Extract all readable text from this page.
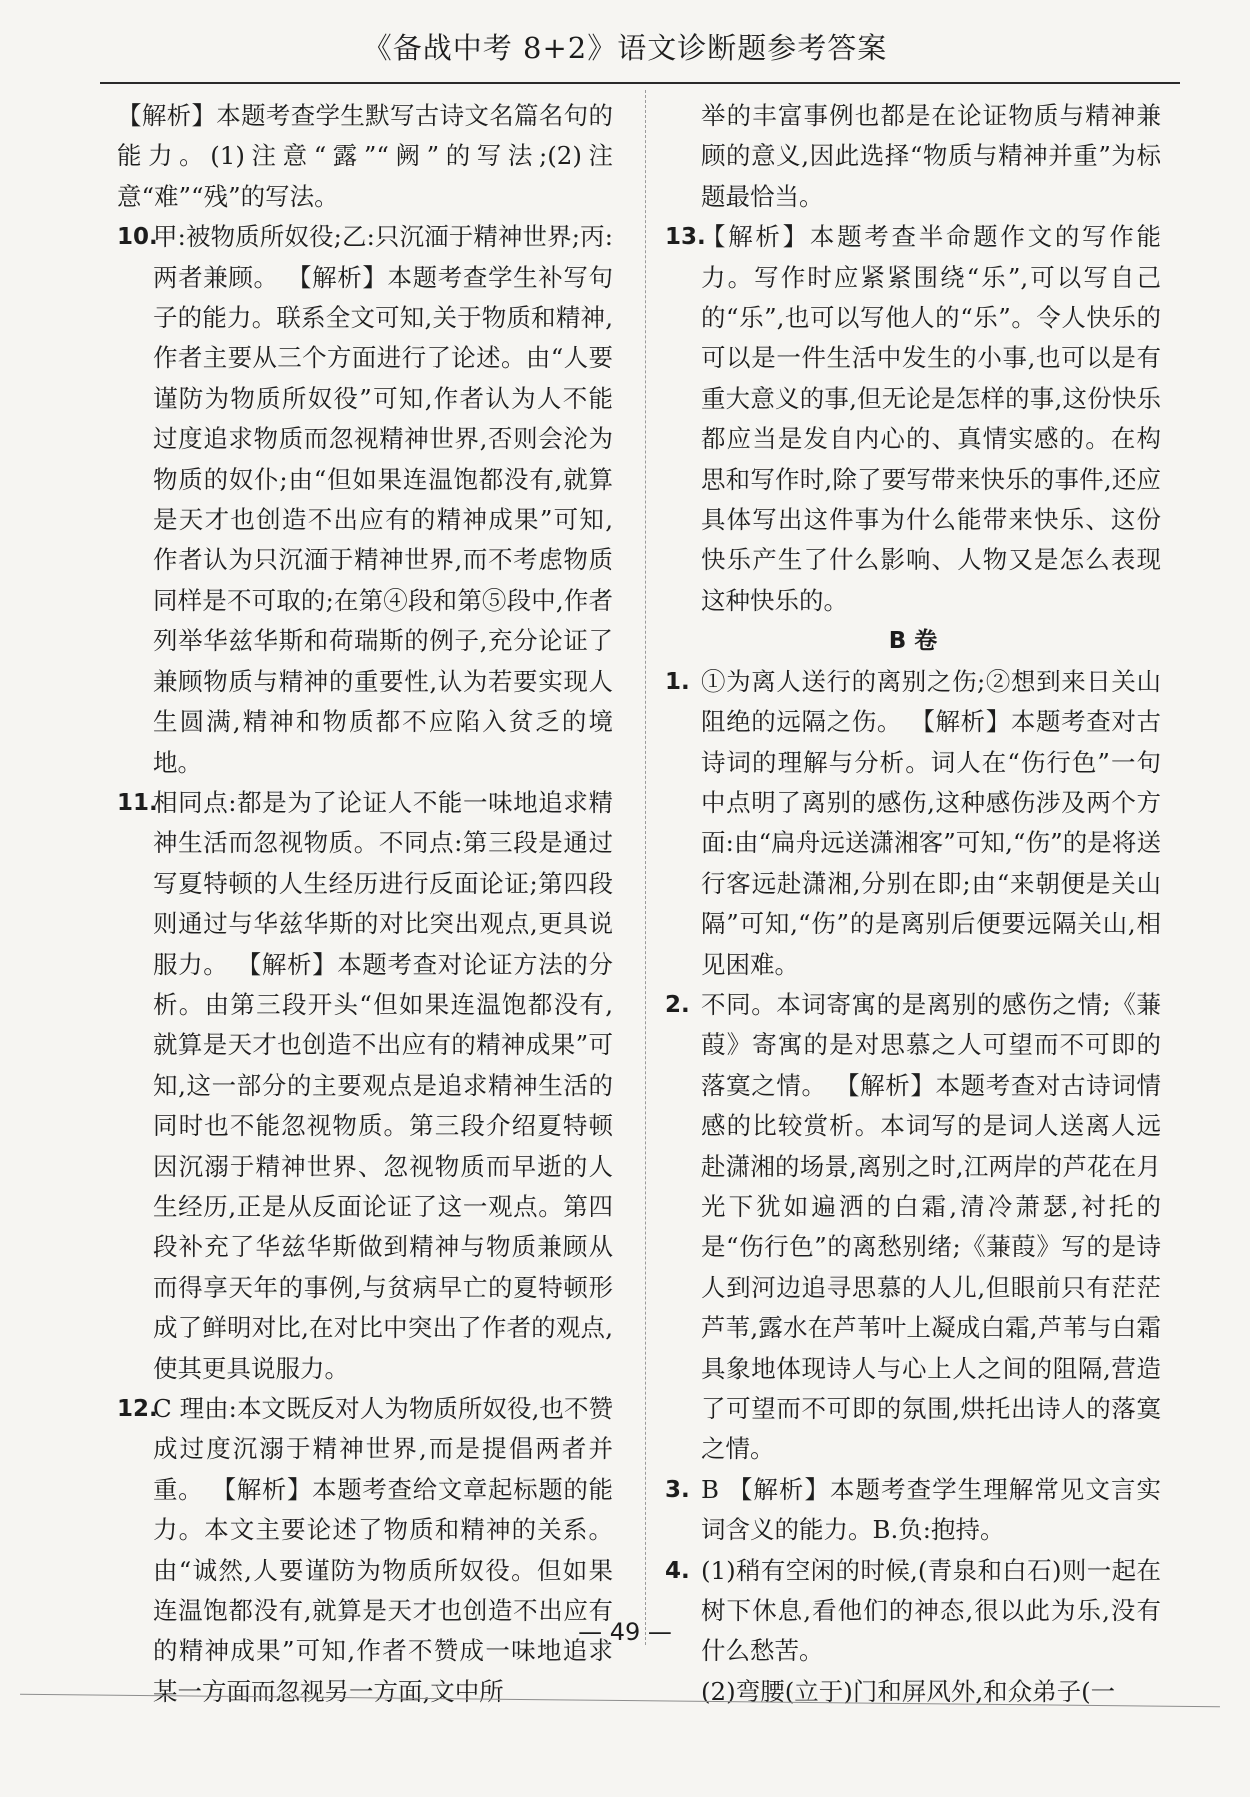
《备战中考 8+2》语文诊断题参考答案

【解析】本题考查学生默写古诗文名篇名句的能力。(1)注意“露”“阙”的写法;(2)注意“难”“残”的写法。

10.

甲:被物质所奴役;乙:只沉湎于精神世界;丙:两者兼顾。 【解析】本题考查学生补写句子的能力。联系全文可知,关于物质和精神,作者主要从三个方面进行了论述。由“人要谨防为物质所奴役”可知,作者认为人不能过度追求物质而忽视精神世界,否则会沦为物质的奴仆;由“但如果连温饱都没有,就算是天才也创造不出应有的精神成果”可知,作者认为只沉湎于精神世界,而不考虑物质同样是不可取的;在第④段和第⑤段中,作者列举华兹华斯和荷瑞斯的例子,充分论证了兼顾物质与精神的重要性,认为若要实现人生圆满,精神和物质都不应陷入贫乏的境地。

11.

相同点:都是为了论证人不能一味地追求精神生活而忽视物质。不同点:第三段是通过写夏特顿的人生经历进行反面论证;第四段则通过与华兹华斯的对比突出观点,更具说服力。 【解析】本题考查对论证方法的分析。由第三段开头“但如果连温饱都没有,就算是天才也创造不出应有的精神成果”可知,这一部分的主要观点是追求精神生活的同时也不能忽视物质。第三段介绍夏特顿因沉溺于精神世界、忽视物质而早逝的人生经历,正是从反面论证了这一观点。第四段补充了华兹华斯做到精神与物质兼顾从而得享天年的事例,与贫病早亡的夏特顿形成了鲜明对比,在对比中突出了作者的观点,使其更具说服力。

12.

C 理由:本文既反对人为物质所奴役,也不赞成过度沉溺于精神世界,而是提倡两者并重。 【解析】本题考查给文章起标题的能力。本文主要论述了物质和精神的关系。由“诚然,人要谨防为物质所奴役。但如果连温饱都没有,就算是天才也创造不出应有的精神成果”可知,作者不赞成一味地追求某一方面而忽视另一方面,文中所

举的丰富事例也都是在论证物质与精神兼顾的意义,因此选择“物质与精神并重”为标题最恰当。

13.

【解析】本题考查半命题作文的写作能力。写作时应紧紧围绕“乐”,可以写自己的“乐”,也可以写他人的“乐”。令人快乐的可以是一件生活中发生的小事,也可以是有重大意义的事,但无论是怎样的事,这份快乐都应当是发自内心的、真情实感的。在构思和写作时,除了要写带来快乐的事件,还应具体写出这件事为什么能带来快乐、这份快乐产生了什么影响、人物又是怎么表现这种快乐的。

B 卷

1. ①为离人送行的离别之伤;②想到来日关山阻绝的远隔之伤。 【解析】本题考查对古诗词的理解与分析。词人在“伤行色”一句中点明了离别的感伤,这种感伤涉及两个方面:由“扁舟远送潇湘客”可知,“伤”的是将送行客远赴潇湘,分别在即;由“来朝便是关山隔”可知,“伤”的是离别后便要远隔关山,相见困难。

2. 不同。本词寄寓的是离别的感伤之情;《蒹葭》寄寓的是对思慕之人可望而不可即的落寞之情。 【解析】本题考查对古诗词情感的比较赏析。本词写的是词人送离人远赴潇湘的场景,离别之时,江两岸的芦花在月光下犹如遍洒的白霜,清冷萧瑟,衬托的是“伤行色”的离愁别绪;《蒹葭》写的是诗人到河边追寻思慕的人儿,但眼前只有茫茫芦苇,露水在芦苇叶上凝成白霜,芦苇与白霜具象地体现诗人与心上人之间的阻隔,营造了可望而不可即的氛围,烘托出诗人的落寞之情。

3. B 【解析】本题考查学生理解常见文言实词含义的能力。B.负:抱持。

4. (1)稍有空闲的时候,(青泉和白石)则一起在树下休息,看他们的神态,很以此为乐,没有什么愁苦。

(2)弯腰(立于)门和屏风外,和众弟子(一

— 49 —
